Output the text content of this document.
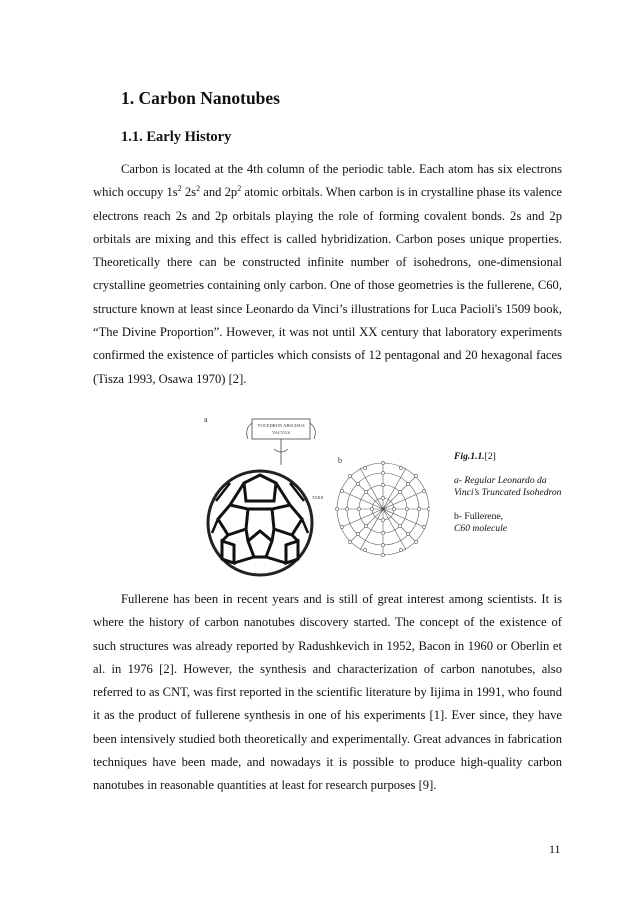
1. Carbon Nanotubes
1.1. Early History

Carbon is located at the 4th column of the periodic table. Each atom has six electrons which occupy $1s^2$ $2s^2$ and $2p^2$ atomic orbitals. When carbon is in crystalline phase its valence electrons reach 2s and 2p orbitals playing the role of forming covalent bonds. 2s and 2p orbitals are mixing and this effect is called hybridization. Carbon poses unique properties. Theoretically there can be constructed infinite number of isohedrons, one-dimensional crystalline geometries containing only carbon. One of those geometries is the fullerene, C60, structure known at least since Leonardo da Vinci’s illustrations for Luca Pacioli's 1509 book, “The Divine Proportion”. However, it was not until XX century that laboratory experiments confirmed the existence of particles which consists of 12 pentagonal and 20 hexagonal faces (Tisza 1993, Osawa 1970) [2].

a
VOCEDRON ABSCISUS
VACVUS
XXIIII
b	Fig.1.1.[2]

a- Regular Leonardo da Vinci’s Truncated Isohedron

b- Fullerene,

C60 molecule

Fullerene has been in recent years and is still of great interest among scientists. It is where the history of carbon nanotubes discovery started. The concept of the existence of such structures was already reported by Radushkevich in 1952, Bacon in 1960 or Oberlin et al. in 1976 [2]. However, the synthesis and characterization of carbon nanotubes, also referred to as CNT, was first reported in the scientific literature by Iijima in 1991, who found it as the product of fullerene synthesis in one of his experiments [1]. Ever since, they have been intensively studied both theoretically and experimentally. Great advances in fabrication techniques have been made, and nowadays it is possible to produce high-quality carbon nanotubes in reasonable quantities at least for research purposes [9].

11
